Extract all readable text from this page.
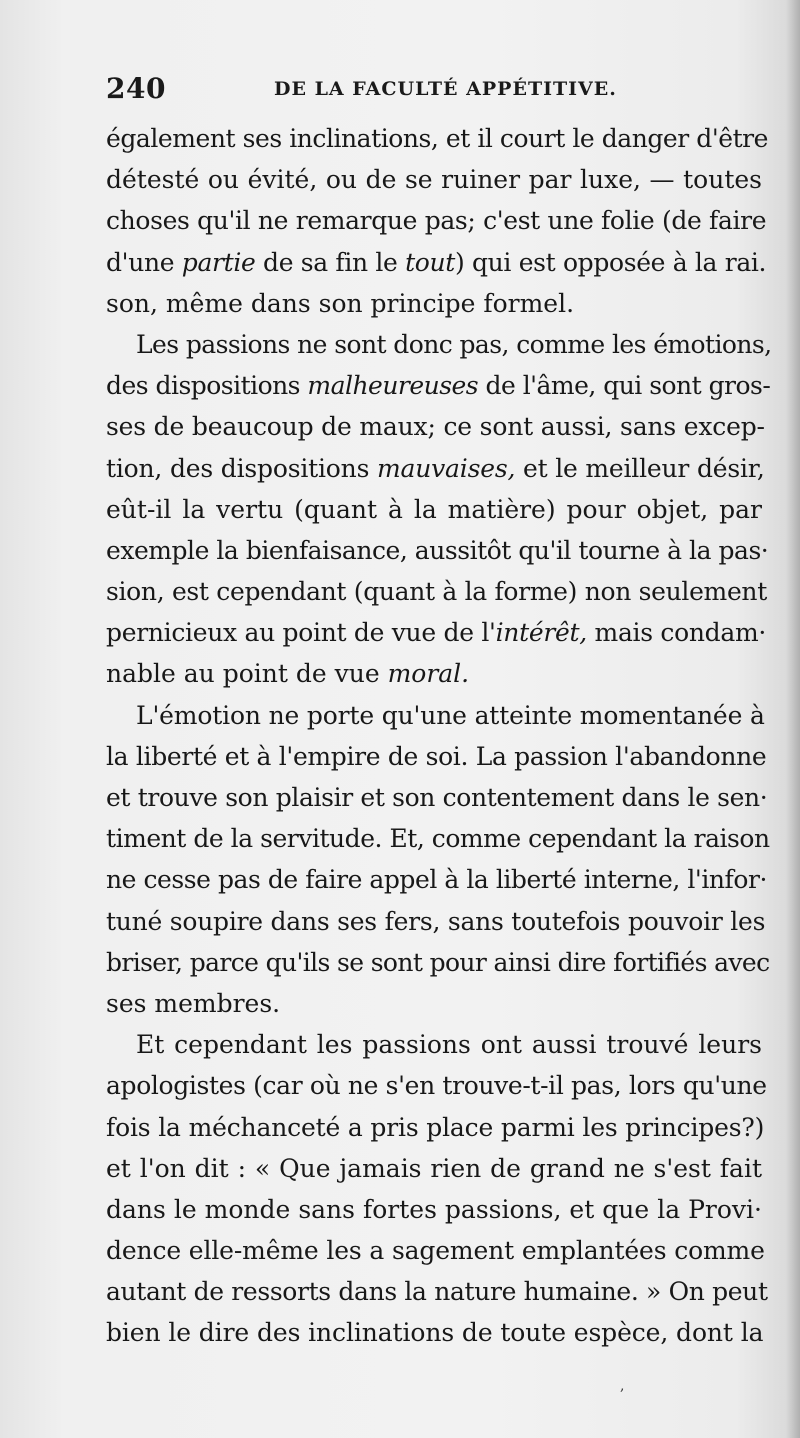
240	DE LA FACULTÉ APPÉTITIVE.
également ses inclinations, et il court le danger d'être
détesté ou évité, ou de se ruiner par luxe, — toutes
choses qu'il ne remarque pas; c'est une folie (de faire
d'une partie de sa fin le tout) qui est opposée à la rai.
son, même dans son principe formel.
Les passions ne sont donc pas, comme les émotions,
des dispositions malheureuses de l'âme, qui sont gros-
ses de beaucoup de maux; ce sont aussi, sans excep-
tion, des dispositions mauvaises, et le meilleur désir,
eût-il la vertu (quant à la matière) pour objet, par
exemple la bienfaisance, aussitôt qu'il tourne à la pas·
sion, est cependant (quant à la forme) non seulement
pernicieux au point de vue de l'intérêt, mais condam·
nable au point de vue moral.
L'émotion ne porte qu'une atteinte momentanée à
la liberté et à l'empire de soi. La passion l'abandonne
et trouve son plaisir et son contentement dans le sen·
timent de la servitude. Et, comme cependant la raison
ne cesse pas de faire appel à la liberté interne, l'infor·
tuné soupire dans ses fers, sans toutefois pouvoir les
briser, parce qu'ils se sont pour ainsi dire fortifiés avec
ses membres.
Et cependant les passions ont aussi trouvé leurs
apologistes (car où ne s'en trouve-t-il pas, lors qu'une
fois la méchanceté a pris place parmi les principes?)
et l'on dit : « Que jamais rien de grand ne s'est fait
dans le monde sans fortes passions, et que la Provi·
dence elle-même les a sagement emplantées comme
autant de ressorts dans la nature humaine. » On peut
bien le dire des inclinations de toute espèce, dont la
,
